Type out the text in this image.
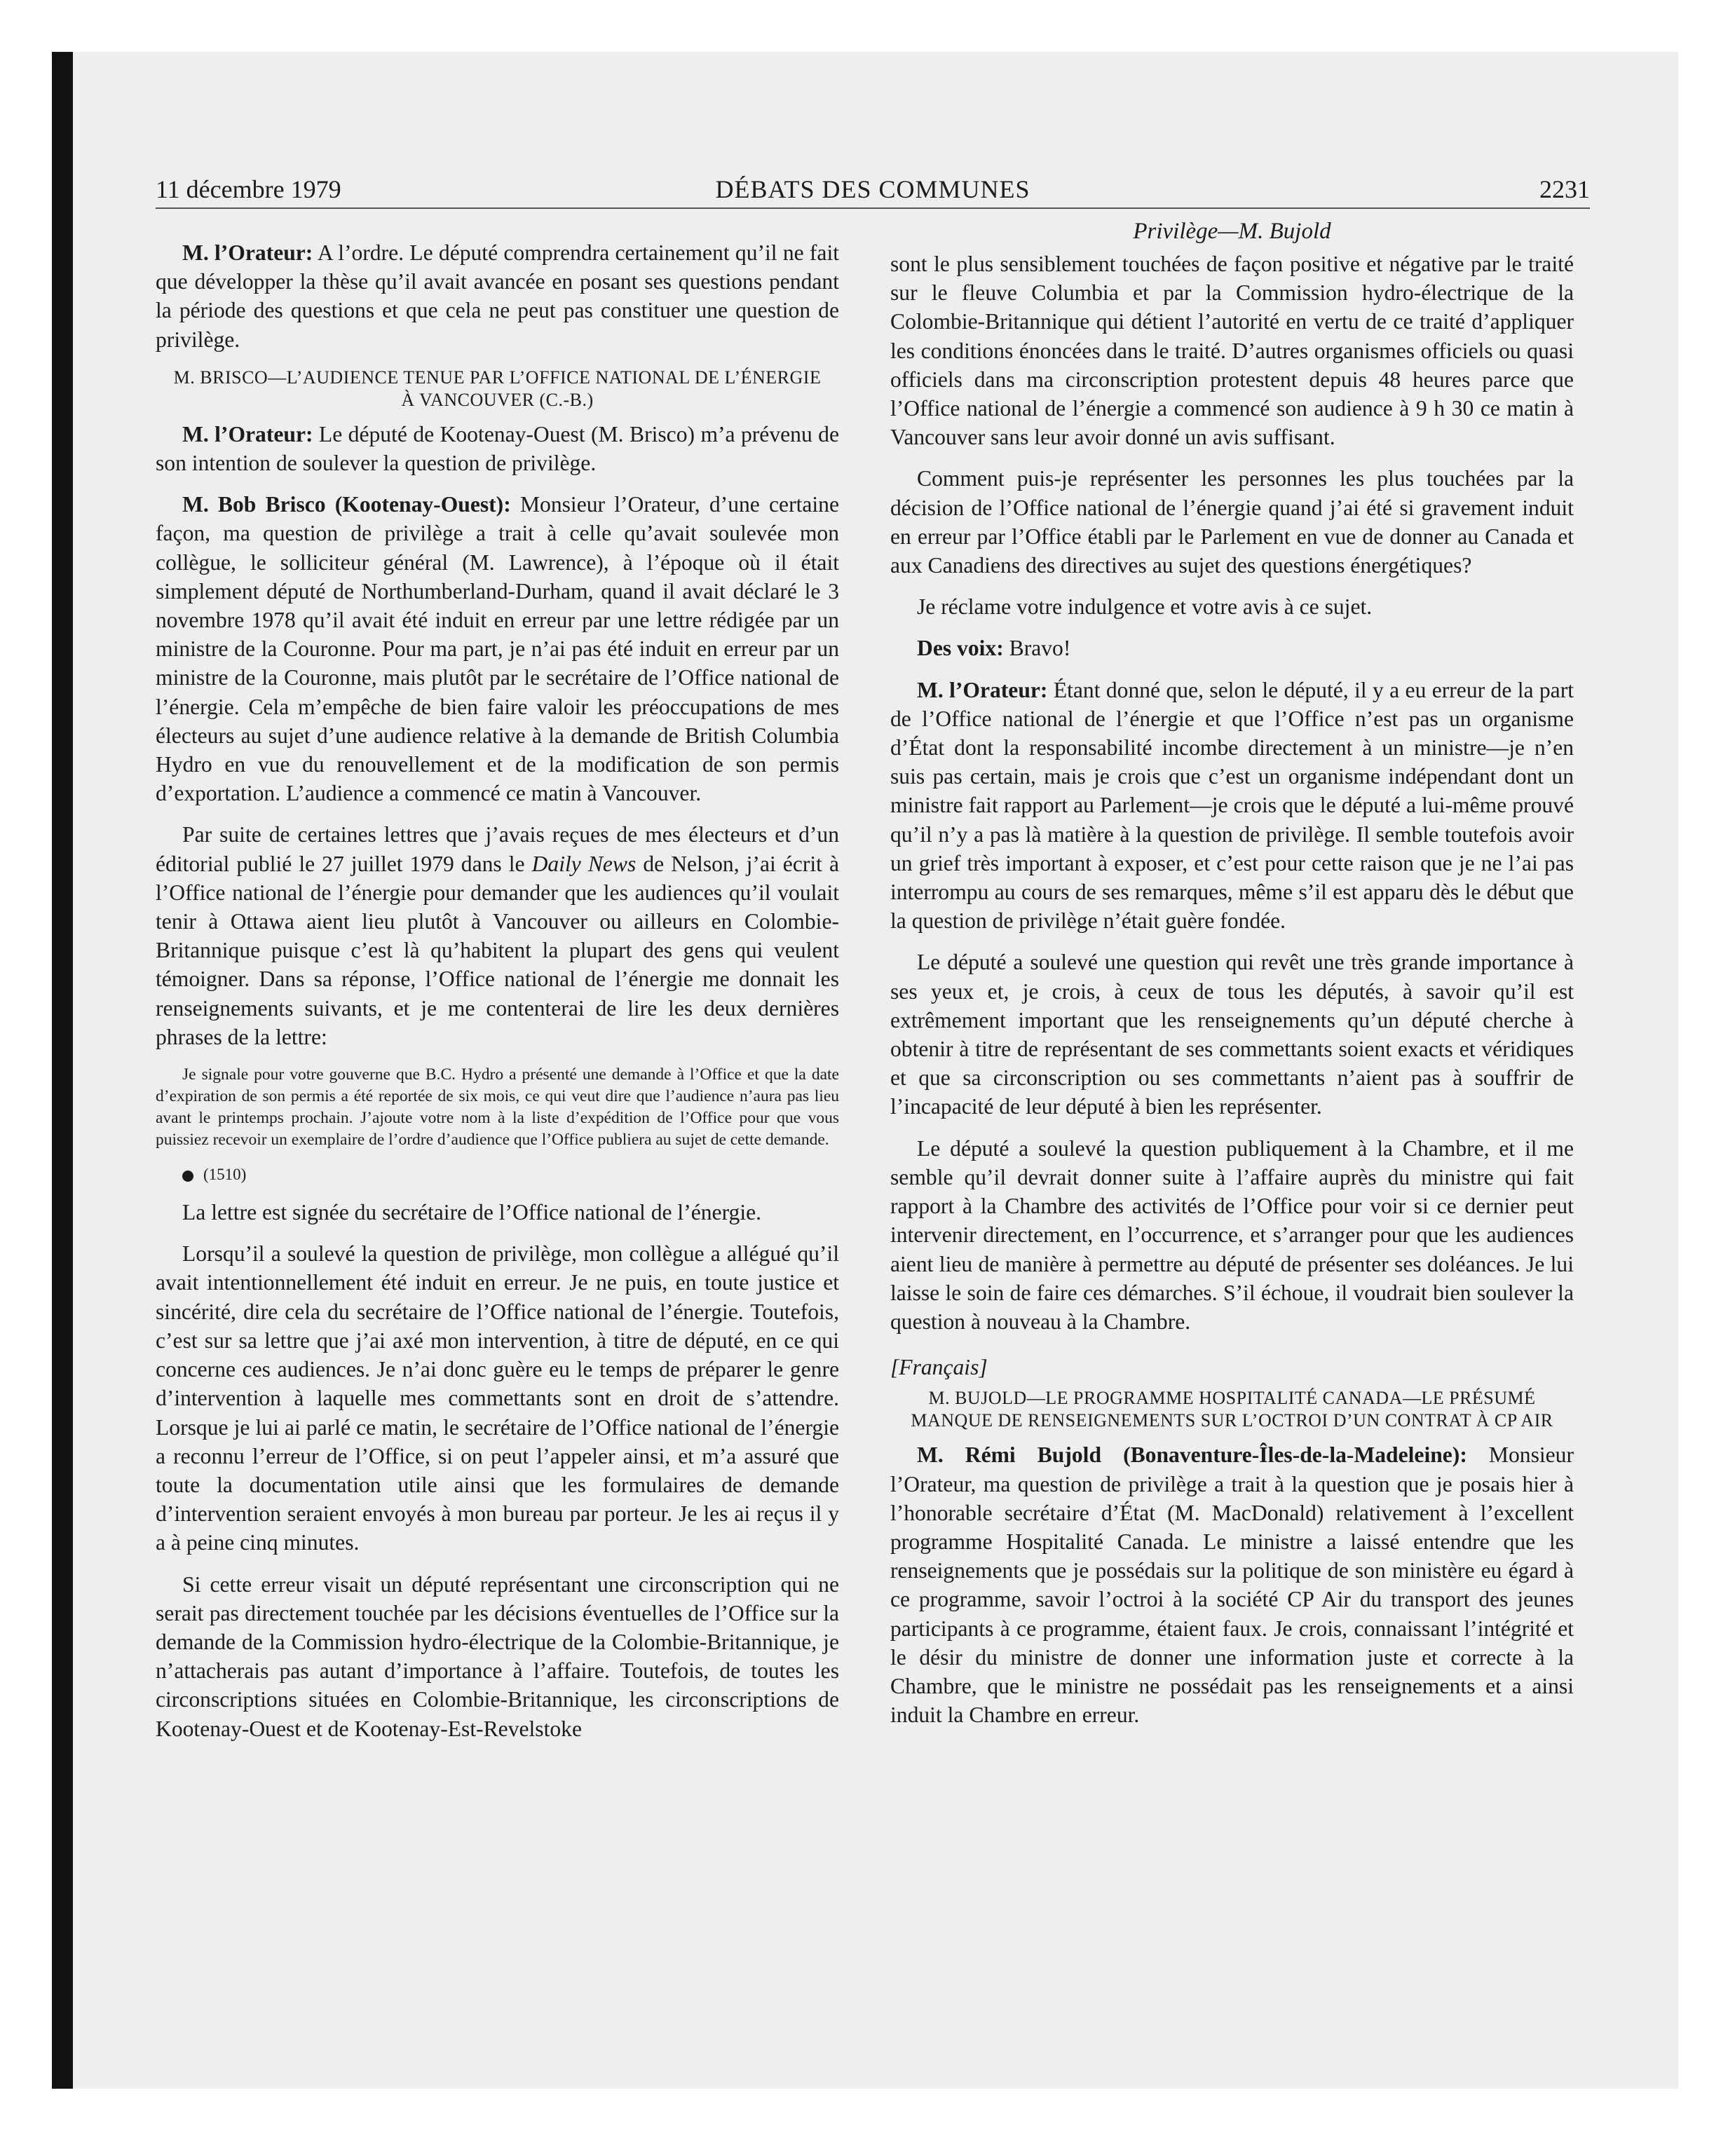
11 décembre 1979	DÉBATS DES COMMUNES	2231

M. l’Orateur: A l’ordre. Le député comprendra certainement qu’il ne fait que développer la thèse qu’il avait avancée en posant ses questions pendant la période des questions et que cela ne peut pas constituer une question de privilège.

M. BRISCO—L’AUDIENCE TENUE PAR L’OFFICE NATIONAL DE L’ÉNERGIE À VANCOUVER (C.-B.)

M. l’Orateur: Le député de Kootenay-Ouest (M. Brisco) m’a prévenu de son intention de soulever la question de privilège.

M. Bob Brisco (Kootenay-Ouest): Monsieur l’Orateur, d’une certaine façon, ma question de privilège a trait à celle qu’avait soulevée mon collègue, le solliciteur général (M. Lawrence), à l’époque où il était simplement député de Northumberland-Durham, quand il avait déclaré le 3 novembre 1978 qu’il avait été induit en erreur par une lettre rédigée par un ministre de la Couronne. Pour ma part, je n’ai pas été induit en erreur par un ministre de la Couronne, mais plutôt par le secrétaire de l’Office national de l’énergie. Cela m’empêche de bien faire valoir les préoccupations de mes électeurs au sujet d’une audience relative à la demande de British Columbia Hydro en vue du renouvellement et de la modification de son permis d’exportation. L’audience a commencé ce matin à Vancouver.

Par suite de certaines lettres que j’avais reçues de mes électeurs et d’un éditorial publié le 27 juillet 1979 dans le Daily News de Nelson, j’ai écrit à l’Office national de l’énergie pour demander que les audiences qu’il voulait tenir à Ottawa aient lieu plutôt à Vancouver ou ailleurs en Colombie-Britannique puisque c’est là qu’habitent la plupart des gens qui veulent témoigner. Dans sa réponse, l’Office national de l’énergie me donnait les renseignements suivants, et je me contenterai de lire les deux dernières phrases de la lettre:

Je signale pour votre gouverne que B.C. Hydro a présenté une demande à l’Office et que la date d’expiration de son permis a été reportée de six mois, ce qui veut dire que l’audience n’aura pas lieu avant le printemps prochain. J’ajoute votre nom à la liste d’expédition de l’Office pour que vous puissiez recevoir un exemplaire de l’ordre d’audience que l’Office publiera au sujet de cette demande.

(1510)

La lettre est signée du secrétaire de l’Office national de l’énergie.

Lorsqu’il a soulevé la question de privilège, mon collègue a allégué qu’il avait intentionnellement été induit en erreur. Je ne puis, en toute justice et sincérité, dire cela du secrétaire de l’Office national de l’énergie. Toutefois, c’est sur sa lettre que j’ai axé mon intervention, à titre de député, en ce qui concerne ces audiences. Je n’ai donc guère eu le temps de préparer le genre d’intervention à laquelle mes commettants sont en droit de s’attendre. Lorsque je lui ai parlé ce matin, le secrétaire de l’Office national de l’énergie a reconnu l’erreur de l’Office, si on peut l’appeler ainsi, et m’a assuré que toute la documentation utile ainsi que les formulaires de demande d’intervention seraient envoyés à mon bureau par porteur. Je les ai reçus il y a à peine cinq minutes.

Si cette erreur visait un député représentant une circonscription qui ne serait pas directement touchée par les décisions éventuelles de l’Office sur la demande de la Commission hydro-électrique de la Colombie-Britannique, je n’attacherais pas autant d’importance à l’affaire. Toutefois, de toutes les circonscriptions situées en Colombie-Britannique, les circonscriptions de Kootenay-Ouest et de Kootenay-Est-Revelstoke

Privilège—M. Bujold

sont le plus sensiblement touchées de façon positive et négative par le traité sur le fleuve Columbia et par la Commission hydro-électrique de la Colombie-Britannique qui détient l’autorité en vertu de ce traité d’appliquer les conditions énoncées dans le traité. D’autres organismes officiels ou quasi officiels dans ma circonscription protestent depuis 48 heures parce que l’Office national de l’énergie a commencé son audience à 9 h 30 ce matin à Vancouver sans leur avoir donné un avis suffisant.

Comment puis-je représenter les personnes les plus touchées par la décision de l’Office national de l’énergie quand j’ai été si gravement induit en erreur par l’Office établi par le Parlement en vue de donner au Canada et aux Canadiens des directives au sujet des questions énergétiques?

Je réclame votre indulgence et votre avis à ce sujet.

Des voix: Bravo!

M. l’Orateur: Étant donné que, selon le député, il y a eu erreur de la part de l’Office national de l’énergie et que l’Office n’est pas un organisme d’État dont la responsabilité incombe directement à un ministre—je n’en suis pas certain, mais je crois que c’est un organisme indépendant dont un ministre fait rapport au Parlement—je crois que le député a lui-même prouvé qu’il n’y a pas là matière à la question de privilège. Il semble toutefois avoir un grief très important à exposer, et c’est pour cette raison que je ne l’ai pas interrompu au cours de ses remarques, même s’il est apparu dès le début que la question de privilège n’était guère fondée.

Le député a soulevé une question qui revêt une très grande importance à ses yeux et, je crois, à ceux de tous les députés, à savoir qu’il est extrêmement important que les renseignements qu’un député cherche à obtenir à titre de représentant de ses commettants soient exacts et véridiques et que sa circonscription ou ses commettants n’aient pas à souffrir de l’incapacité de leur député à bien les représenter.

Le député a soulevé la question publiquement à la Chambre, et il me semble qu’il devrait donner suite à l’affaire auprès du ministre qui fait rapport à la Chambre des activités de l’Office pour voir si ce dernier peut intervenir directement, en l’occurrence, et s’arranger pour que les audiences aient lieu de manière à permettre au député de présenter ses doléances. Je lui laisse le soin de faire ces démarches. S’il échoue, il voudrait bien soulever la question à nouveau à la Chambre.

[Français]

M. BUJOLD—LE PROGRAMME HOSPITALITÉ CANADA—LE PRÉSUMÉ MANQUE DE RENSEIGNEMENTS SUR L’OCTROI D’UN CONTRAT À CP AIR

M. Rémi Bujold (Bonaventure-Îles-de-la-Madeleine): Monsieur l’Orateur, ma question de privilège a trait à la question que je posais hier à l’honorable secrétaire d’État (M. MacDonald) relativement à l’excellent programme Hospitalité Canada. Le ministre a laissé entendre que les renseignements que je possédais sur la politique de son ministère eu égard à ce programme, savoir l’octroi à la société CP Air du transport des jeunes participants à ce programme, étaient faux. Je crois, connaissant l’intégrité et le désir du ministre de donner une information juste et correcte à la Chambre, que le ministre ne possédait pas les renseignements et a ainsi induit la Chambre en erreur.
